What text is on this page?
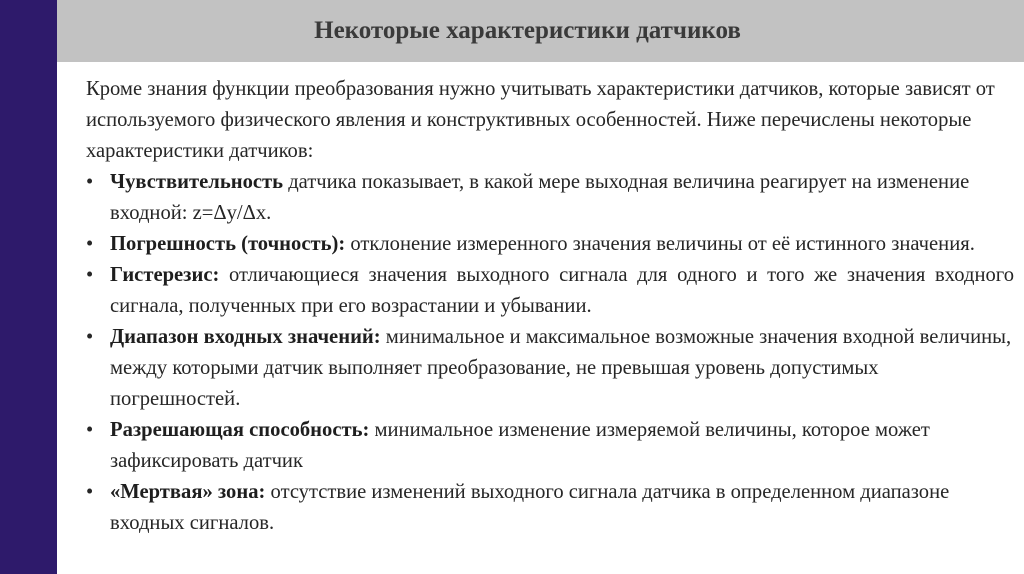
Некоторые характеристики датчиков

Кроме знания функции преобразования нужно учитывать характеристики датчиков, которые зависят от используемого физического явления и конструктивных особенностей. Ниже перечислены некоторые характеристики датчиков:

• Чувствительность датчика показывает, в какой мере выходная величина реагирует на изменение входной: z=Δy/Δx.
• Погрешность (точность): отклонение измеренного значения величины от её истинного значения.
• Гистерезис: отличающиеся значения выходного сигнала для одного и того же значения входного сигнала, полученных при его возрастании и убывании.
• Диапазон входных значений: минимальное и максимальное возможные значения входной величины, между которыми датчик выполняет преобразование, не превышая уровень допустимых погрешностей.
• Разрешающая способность: минимальное изменение измеряемой величины, которое может зафиксировать датчик
• «Мертвая» зона: отсутствие изменений выходного сигнала датчика в определенном диапазоне входных сигналов.
